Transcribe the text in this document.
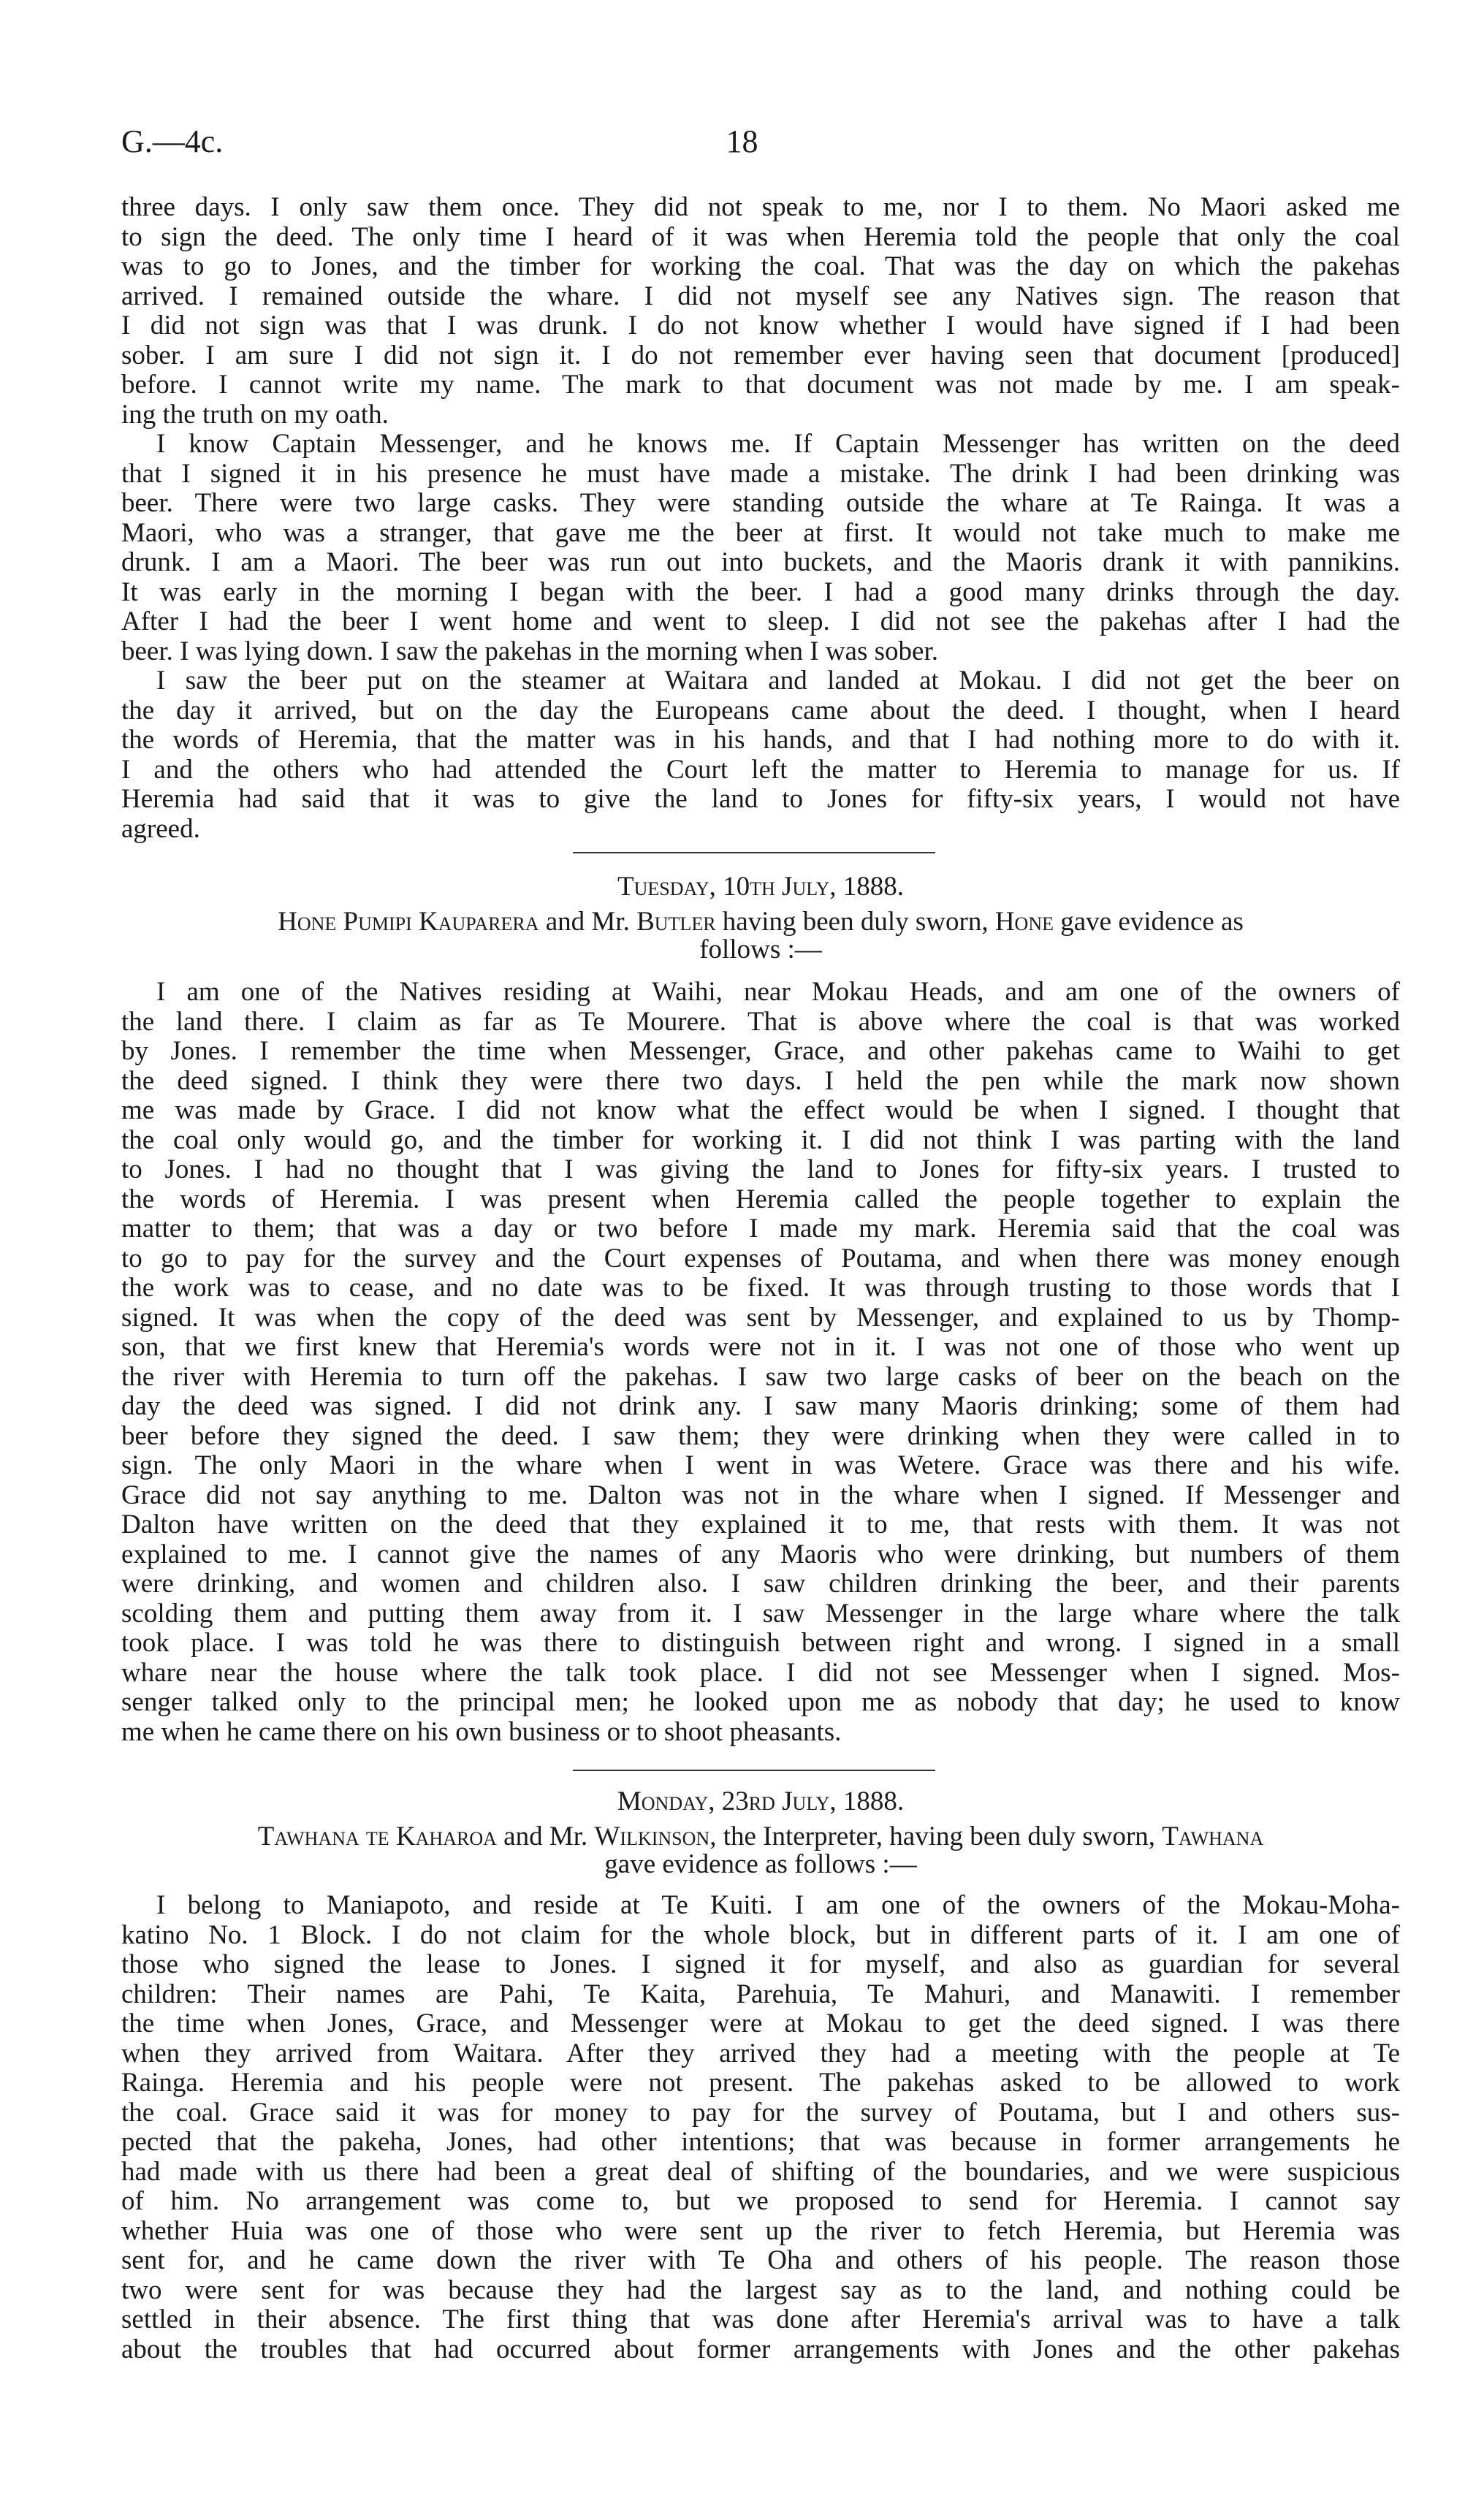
G.—4c.	18
three days. I only saw them once. They did not speak to me, nor I to them. No Maori asked me
to sign the deed. The only time I heard of it was when Heremia told the people that only the coal
was to go to Jones, and the timber for working the coal. That was the day on which the pakehas
arrived. I remained outside the whare. I did not myself see any Natives sign. The reason that
I did not sign was that I was drunk. I do not know whether I would have signed if I had been
sober. I am sure I did not sign it. I do not remember ever having seen that document [produced]
before. I cannot write my name. The mark to that document was not made by me. I am speak-
ing the truth on my oath.
I know Captain Messenger, and he knows me. If Captain Messenger has written on the deed
that I signed it in his presence he must have made a mistake. The drink I had been drinking was
beer. There were two large casks. They were standing outside the whare at Te Rainga. It was a
Maori, who was a stranger, that gave me the beer at first. It would not take much to make me
drunk. I am a Maori. The beer was run out into buckets, and the Maoris drank it with pannikins.
It was early in the morning I began with the beer. I had a good many drinks through the day.
After I had the beer I went home and went to sleep. I did not see the pakehas after I had the
beer. I was lying down. I saw the pakehas in the morning when I was sober.
I saw the beer put on the steamer at Waitara and landed at Mokau. I did not get the beer on
the day it arrived, but on the day the Europeans came about the deed. I thought, when I heard
the words of Heremia, that the matter was in his hands, and that I had nothing more to do with it.
I and the others who had attended the Court left the matter to Heremia to manage for us. If
Heremia had said that it was to give the land to Jones for fifty-six years, I would not have
agreed.
Tuesday, 10th July, 1888.
Hone Pumipi Kauparera and Mr. Butler having been duly sworn, Hone gave evidence as
follows :—
I am one of the Natives residing at Waihi, near Mokau Heads, and am one of the owners of
the land there. I claim as far as Te Mourere. That is above where the coal is that was worked
by Jones. I remember the time when Messenger, Grace, and other pakehas came to Waihi to get
the deed signed. I think they were there two days. I held the pen while the mark now shown
me was made by Grace. I did not know what the effect would be when I signed. I thought that
the coal only would go, and the timber for working it. I did not think I was parting with the land
to Jones. I had no thought that I was giving the land to Jones for fifty-six years. I trusted to
the words of Heremia. I was present when Heremia called the people together to explain the
matter to them; that was a day or two before I made my mark. Heremia said that the coal was
to go to pay for the survey and the Court expenses of Poutama, and when there was money enough
the work was to cease, and no date was to be fixed. It was through trusting to those words that I
signed. It was when the copy of the deed was sent by Messenger, and explained to us by Thomp-
son, that we first knew that Heremia's words were not in it. I was not one of those who went up
the river with Heremia to turn off the pakehas. I saw two large casks of beer on the beach on the
day the deed was signed. I did not drink any. I saw many Maoris drinking; some of them had
beer before they signed the deed. I saw them; they were drinking when they were called in to
sign. The only Maori in the whare when I went in was Wetere. Grace was there and his wife.
Grace did not say anything to me. Dalton was not in the whare when I signed. If Messenger and
Dalton have written on the deed that they explained it to me, that rests with them. It was not
explained to me. I cannot give the names of any Maoris who were drinking, but numbers of them
were drinking, and women and children also. I saw children drinking the beer, and their parents
scolding them and putting them away from it. I saw Messenger in the large whare where the talk
took place. I was told he was there to distinguish between right and wrong. I signed in a small
whare near the house where the talk took place. I did not see Messenger when I signed. Mos-
senger talked only to the principal men; he looked upon me as nobody that day; he used to know
me when he came there on his own business or to shoot pheasants.
Monday, 23rd July, 1888.
Tawhana te Kaharoa and Mr. Wilkinson, the Interpreter, having been duly sworn, Tawhana
gave evidence as follows :—
I belong to Maniapoto, and reside at Te Kuiti. I am one of the owners of the Mokau-Moha-
katino No. 1 Block. I do not claim for the whole block, but in different parts of it. I am one of
those who signed the lease to Jones. I signed it for myself, and also as guardian for several
children: Their names are Pahi, Te Kaita, Parehuia, Te Mahuri, and Manawiti. I remember
the time when Jones, Grace, and Messenger were at Mokau to get the deed signed. I was there
when they arrived from Waitara. After they arrived they had a meeting with the people at Te
Rainga. Heremia and his people were not present. The pakehas asked to be allowed to work
the coal. Grace said it was for money to pay for the survey of Poutama, but I and others sus-
pected that the pakeha, Jones, had other intentions; that was because in former arrangements he
had made with us there had been a great deal of shifting of the boundaries, and we were suspicious
of him. No arrangement was come to, but we proposed to send for Heremia. I cannot say
whether Huia was one of those who were sent up the river to fetch Heremia, but Heremia was
sent for, and he came down the river with Te Oha and others of his people. The reason those
two were sent for was because they had the largest say as to the land, and nothing could be
settled in their absence. The first thing that was done after Heremia's arrival was to have a talk
about the troubles that had occurred about former arrangements with Jones and the other pakehas
